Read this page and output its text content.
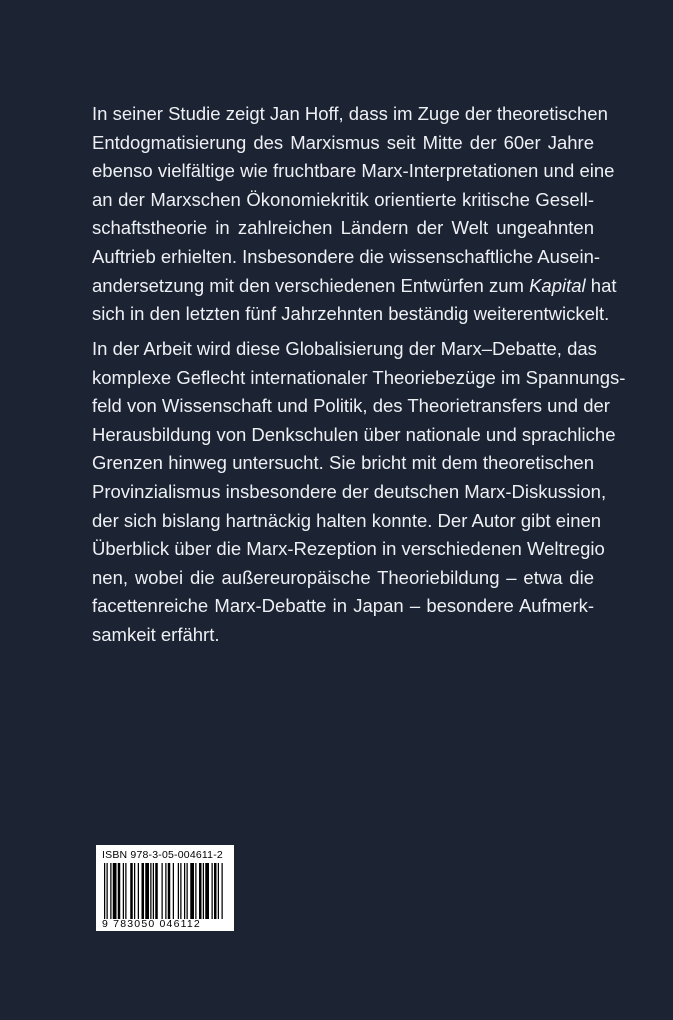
In seiner Studie zeigt Jan Hoff, dass im Zuge der theoretischen
Entdogmatisierung des Marxismus seit Mitte der 60er Jahre
ebenso vielfältige wie fruchtbare Marx-Interpretationen und eine
an der Marxschen Ökonomiekritik orientierte kritische Gesell-
schaftstheorie in zahlreichen Ländern der Welt ungeahnten
Auftrieb erhielten. Insbesondere die wissenschaftliche Ausein-
andersetzung mit den verschiedenen Entwürfen zum Kapital hat
sich in den letzten fünf Jahrzehnten beständig weiterentwickelt.

In der Arbeit wird diese Globalisierung der Marx–Debatte, das
komplexe Geflecht internationaler Theoriebezüge im Spannungs-
feld von Wissenschaft und Politik, des Theorietransfers und der
Herausbildung von Denkschulen über nationale und sprachliche
Grenzen hinweg untersucht. Sie bricht mit dem theoretischen
Provinzialismus insbesondere der deutschen Marx-Diskussion,
der sich bislang hartnäckig halten konnte. Der Autor gibt einen
Überblick über die Marx-Rezeption in verschiedenen Weltregio
nen, wobei die außereuropäische Theoriebildung – etwa die
facettenreiche Marx-Debatte in Japan – besondere Aufmerk-
samkeit erfährt.

ISBN 978-3-05-004611-2
9 783050 046112
